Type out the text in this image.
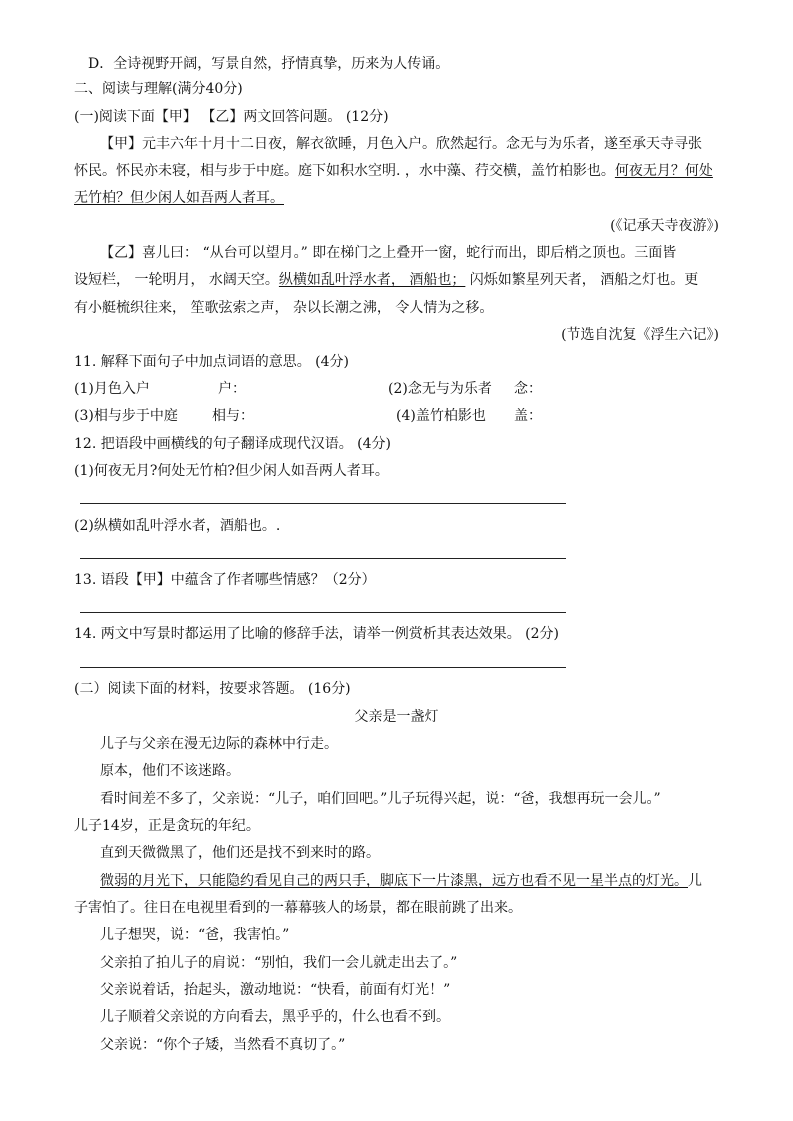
D．全诗视野开阔，写景自然，抒情真挚，历来为人传诵。
二、阅读与理解(满分40分)
(一)阅读下面【甲】 【乙】两文回答问题。 (12分)
【甲】元丰六年十月十二日夜，解衣欲睡，月色入户。欣然起行。念无与为乐者，遂至承天寺寻张
怀民。怀民亦未寝，相与步于中庭。庭下如积水空明. ，水中藻、荇交横，盖竹柏影也。何夜无月？何处
无竹柏？但少闲人如吾两人者耳。
(《记承天寺夜游》)
【乙】喜儿曰： “从台可以望月。” 即在梯门之上叠开一窗，蛇行而出，即后梢之顶也。三面皆
设短栏， 一轮明月， 水阔天空。纵横如乱叶浮水者， 酒船也； 闪烁如繁星列天者， 酒船之灯也。更
有小艇梳织往来， 笙歌弦索之声， 杂以长潮之沸， 令人情为之移。
(节选自沈复《浮生六记》)
11. 解释下面句子中加点词语的意思。 (4分)
(1)月色入户	户：	(2)念无与为乐者 念：
(3)相与步于中庭 相与：	(4)盖竹柏影也 盖：
12. 把语段中画横线的句子翻译成现代汉语。 (4分)
(1)何夜无月?何处无竹柏?但少闲人如吾两人者耳。
(2)纵横如乱叶浮水者，酒船也。.
13. 语段【甲】中蕴含了作者哪些情感？（2分）
14. 两文中写景时都运用了比喻的修辞手法，请举一例赏析其表达效果。 (2分)
(二）阅读下面的材料，按要求答题。 (16分)
父亲是一盏灯
儿子与父亲在漫无边际的森林中行走。
原本，他们不该迷路。
看时间差不多了，父亲说：“儿子，咱们回吧。”儿子玩得兴起，说：“爸，我想再玩一会儿。”
儿子14岁，正是贪玩的年纪。
直到天微微黑了，他们还是找不到来时的路。
微弱的月光下，只能隐约看见自己的两只手，脚底下一片漆黑，远方也看不见一星半点的灯光。儿
子害怕了。往日在电视里看到的一幕幕骇人的场景，都在眼前跳了出来。
儿子想哭，说：“爸，我害怕。”
父亲拍了拍儿子的肩说：“别怕，我们一会儿就走出去了。”
父亲说着话，抬起头，激动地说：“快看，前面有灯光！”
儿子顺着父亲说的方向看去，黑乎乎的，什么也看不到。
父亲说：“你个子矮，当然看不真切了。”
